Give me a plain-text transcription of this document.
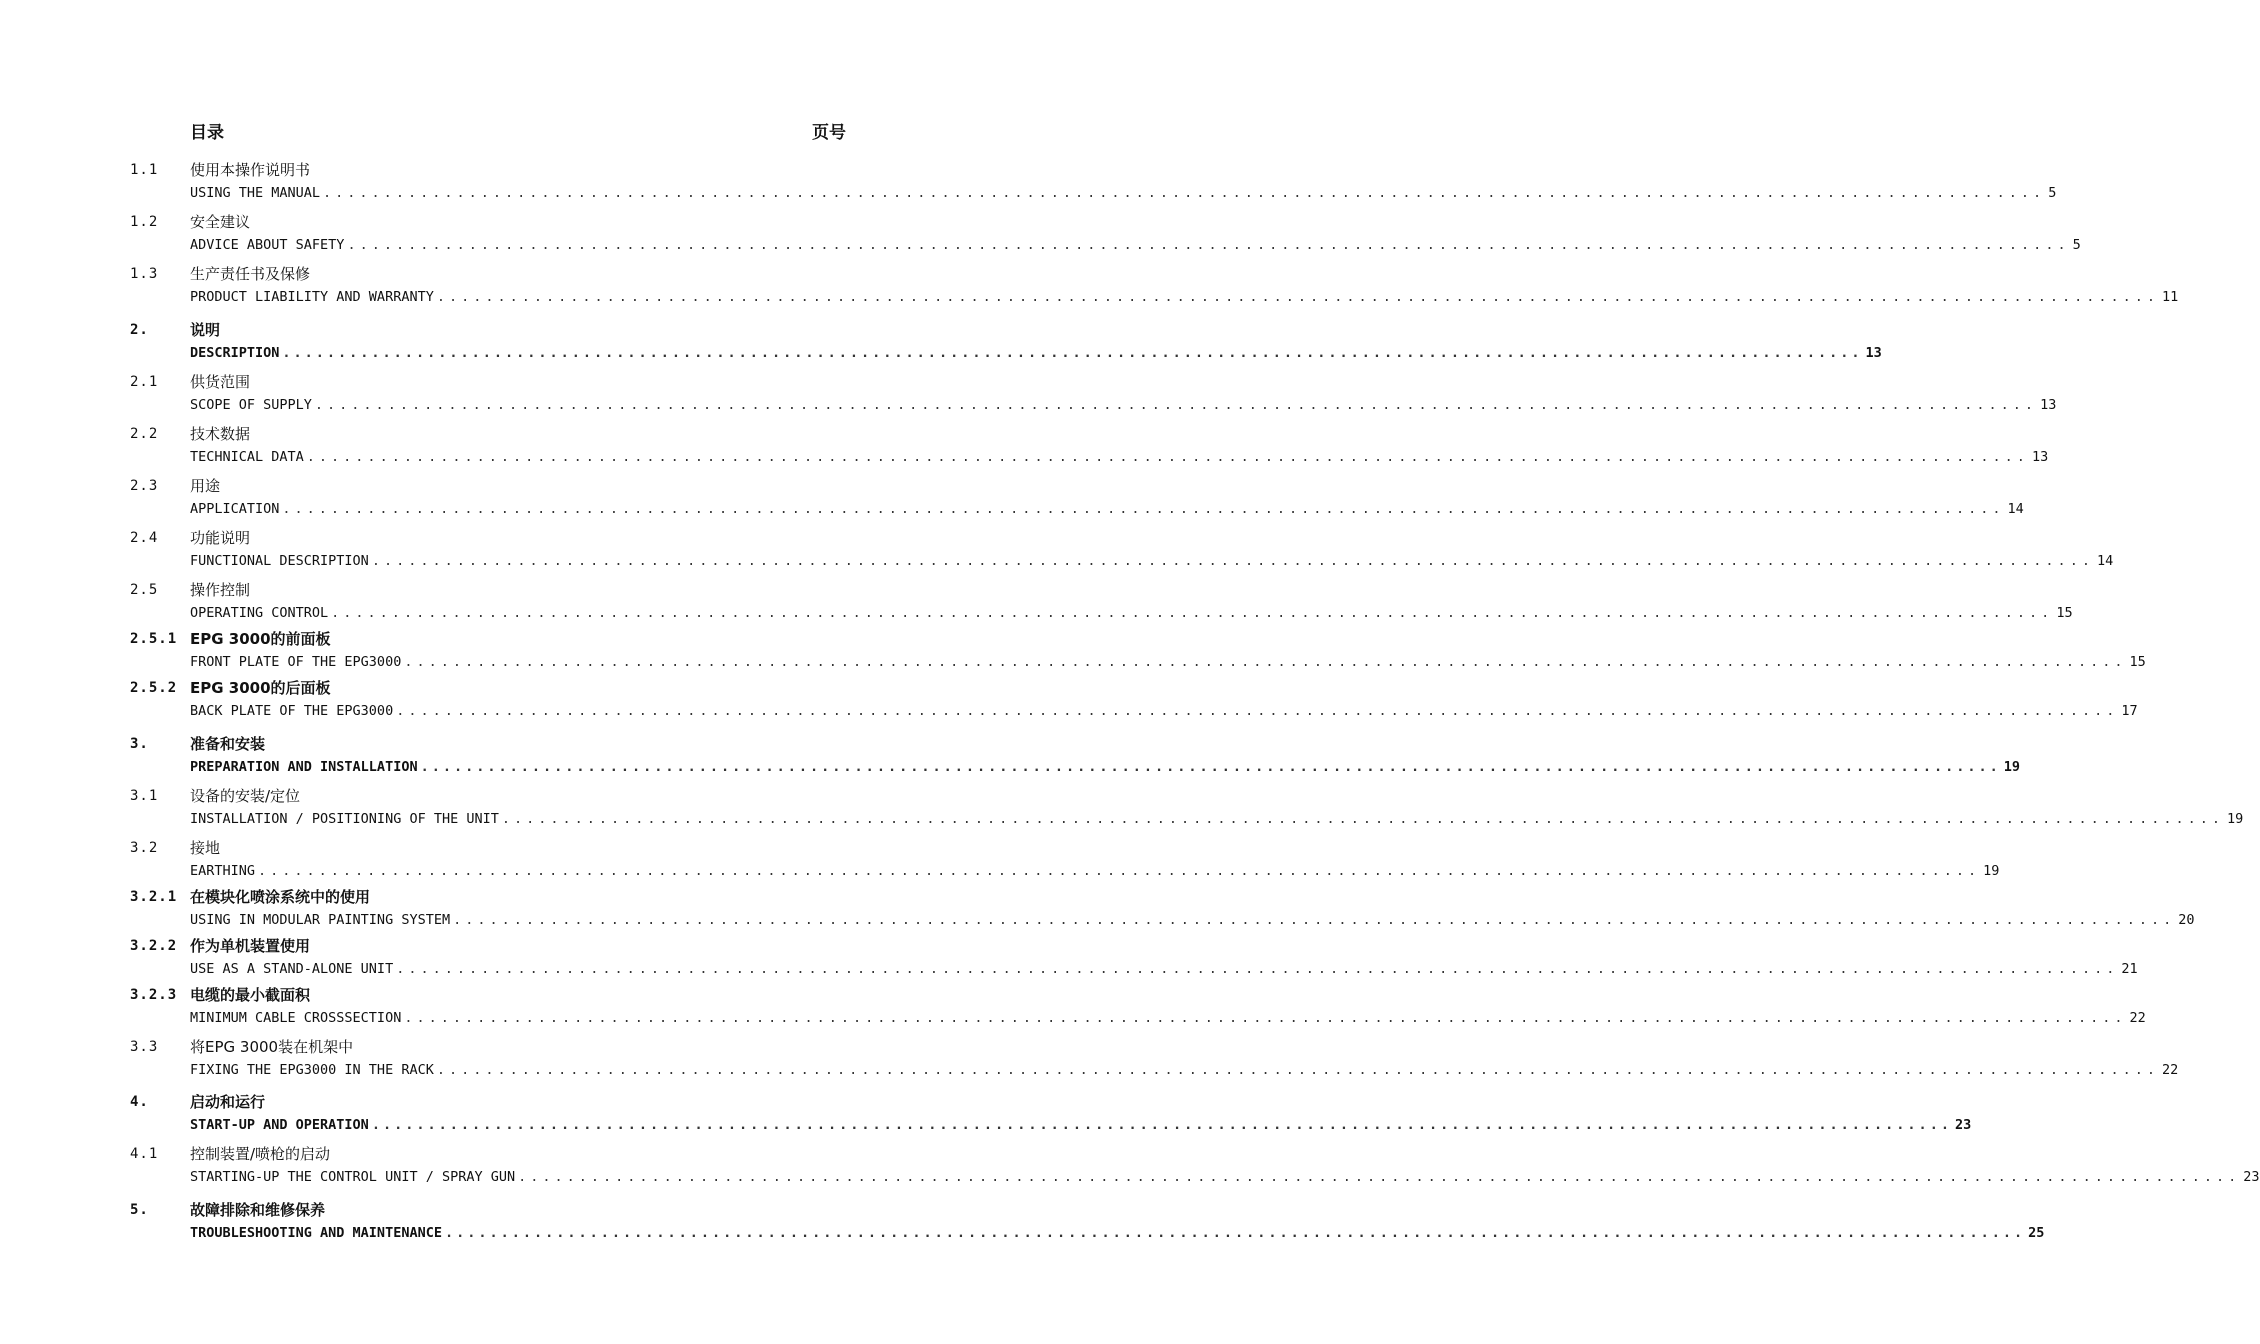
目录	页号
1.1 使用本操作说明书
USING THE MANUAL .............................................................................................................................................. 5
1.2 安全建议
ADVICE ABOUT SAFETY .............................................................................................................................................. 5
1.3 生产责任书及保修
PRODUCT LIABILITY AND WARRANTY .............................................................................................................................................. 11
2.	说明
DESCRIPTION .............................................................................................................................................. 13
2.1 供货范围
SCOPE OF SUPPLY .............................................................................................................................................. 13
2.2 技术数据
TECHNICAL DATA .............................................................................................................................................. 13
2.3 用途
APPLICATION .............................................................................................................................................. 14
2.4 功能说明
FUNCTIONAL DESCRIPTION .............................................................................................................................................. 14
2.5 操作控制
OPERATING CONTROL .............................................................................................................................................. 15
2.5.1 EPG 3000的前面板
FRONT PLATE OF THE EPG3000 .............................................................................................................................................. 15
2.5.2 EPG 3000的后面板
BACK PLATE OF THE EPG3000 .............................................................................................................................................. 17
3.	准备和安装
PREPARATION AND INSTALLATION .............................................................................................................................................. 19
3.1 设备的安装/定位
INSTALLATION / POSITIONING OF THE UNIT .............................................................................................................................................. 19
3.2 接地
EARTHING .............................................................................................................................................. 19
3.2.1 在模块化喷涂系统中的使用
USING IN MODULAR PAINTING SYSTEM .............................................................................................................................................. 20
3.2.2 作为单机装置使用
USE AS A STAND-ALONE UNIT .............................................................................................................................................. 21
3.2.3 电缆的最小截面积
MINIMUM CABLE CROSSSECTION .............................................................................................................................................. 22
3.3 将EPG 3000装在机架中
FIXING THE EPG3000 IN THE RACK .............................................................................................................................................. 22
4.	启动和运行
START-UP AND OPERATION .............................................................................................................................................. 23
4.1 控制装置/喷枪的启动
STARTING-UP THE CONTROL UNIT / SPRAY GUN .............................................................................................................................................. 23
5.	故障排除和维修保养
TROUBLESHOOTING AND MAINTENANCE .............................................................................................................................................. 25
